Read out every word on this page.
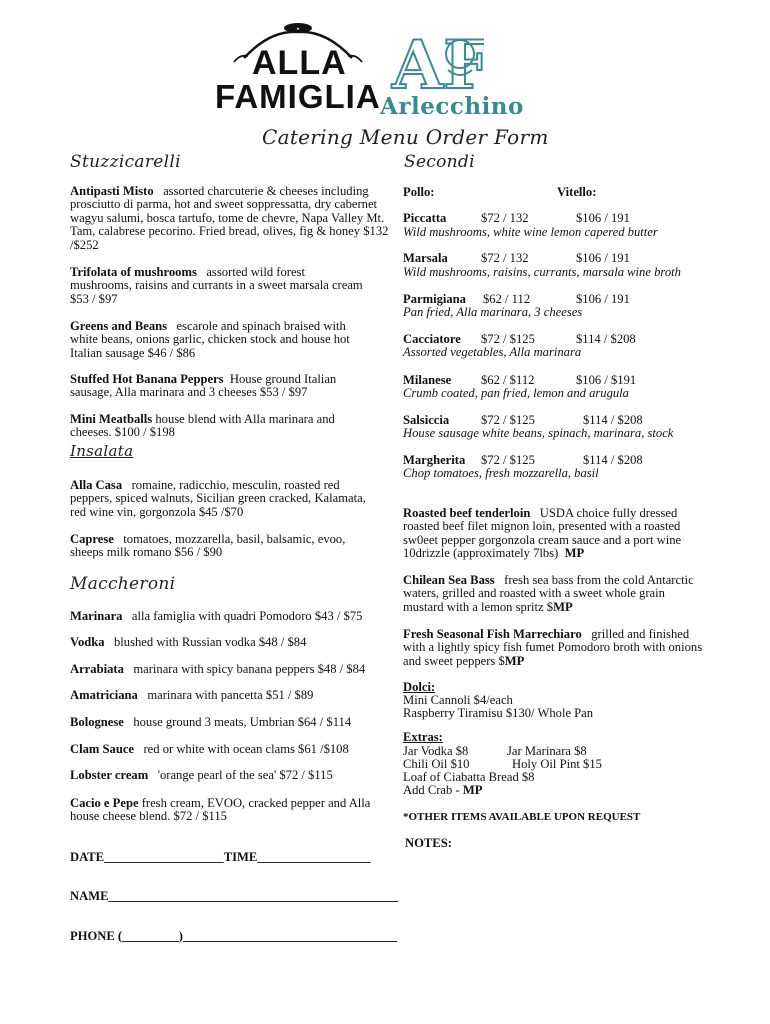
★
ALLA
FAMIGLIA AF
Arlecchino
Catering Menu Order Form
Stuzzicarelli
Antipasti Misto assorted charcuterie & cheeses including prosciutto di parma, hot and sweet soppressatta, dry cabernet wagyu salumi, bosca tartufo, tome de chevre, Napa Valley Mt. Tam, calabrese pecorino. Fried bread, olives, fig & honey $132 /$252
Trifolata of mushrooms assorted wild forest mushrooms, raisins and currants in a sweet marsala cream $53 / $97
Greens and Beans escarole and spinach braised with white beans, onions garlic, chicken stock and house hot Italian sausage $46 / $86
Stuffed Hot Banana Peppers House ground Italian sausage, Alla marinara and 3 cheeses $53 / $97
Mini Meatballs house blend with Alla marinara and cheeses. $100 / $198
Insalata
Alla Casa romaine, radicchio, mesculin, roasted red peppers, spiced walnuts, Sicilian green cracked, Kalamata, red wine vin, gorgonzola $45 /$70
Caprese tomatoes, mozzarella, basil, balsamic, evoo, sheeps milk romano $56 / $90
Maccheroni
Marinara alla famiglia with quadri Pomodoro $43 / $75
Vodka blushed with Russian vodka $48 / $84
Arrabiata marinara with spicy banana peppers $48 / $84
Amatriciana marinara with pancetta $51 / $89
Bolognese house ground 3 meats, Umbrian $64 / $114
Clam Sauce red or white with ocean clams $61 /$108
Lobster cream 'orange pearl of the sea' $72 / $115
Cacio e Pepe fresh cream, EVOO, cracked pepper and Alla house cheese blend. $72 / $115
DATE___________________TIME__________________
NAME______________________________________________
PHONE (_________)__________________________________
Secondi
Pollo:	Vitello:
Piccatta	$72 / 132	$106 / 191
Wild mushrooms, white wine lemon capered butter
Marsala	$72 / 132	$106 / 191
Wild mushrooms, raisins, currants, marsala wine broth
Parmigiana $62 / 112	$106 / 191
Pan fried, Alla marinara, 3 cheeses
Cacciatore $72 / $125	$114 / $208
Assorted vegetables, Alla marinara
Milanese $62 / $112	$106 / $191
Crumb coated, pan fried, lemon and arugula
Salsiccia	$72 / $125	$114 / $208
House sausage white beans, spinach, marinara, stock
Margherita $72 / $125	$114 / $208
Chop tomatoes, fresh mozzarella, basil
Roasted beef tenderloin USDA choice fully dressed roasted beef filet mignon loin, presented with a roasted sw0eet pepper gorgonzola cream sauce and a port wine 10drizzle (approximately 7lbs) MP
Chilean Sea Bass fresh sea bass from the cold Antarctic waters, grilled and roasted with a sweet whole grain mustard with a lemon spritz $MP
Fresh Seasonal Fish Marrechiaro grilled and finished with a lightly spicy fish fumet Pomodoro broth with onions and sweet peppers $MP
Dolci:
Mini Cannoli $4/each
Raspberry Tiramisu $130/ Whole Pan
Extras:
Jar Vodka $8	Jar Marinara $8
Chili Oil $10	Holy Oil Pint $15
Loaf of Ciabatta Bread $8
Add Crab - MP
*OTHER ITEMS AVAILABLE UPON REQUEST
NOTES:
